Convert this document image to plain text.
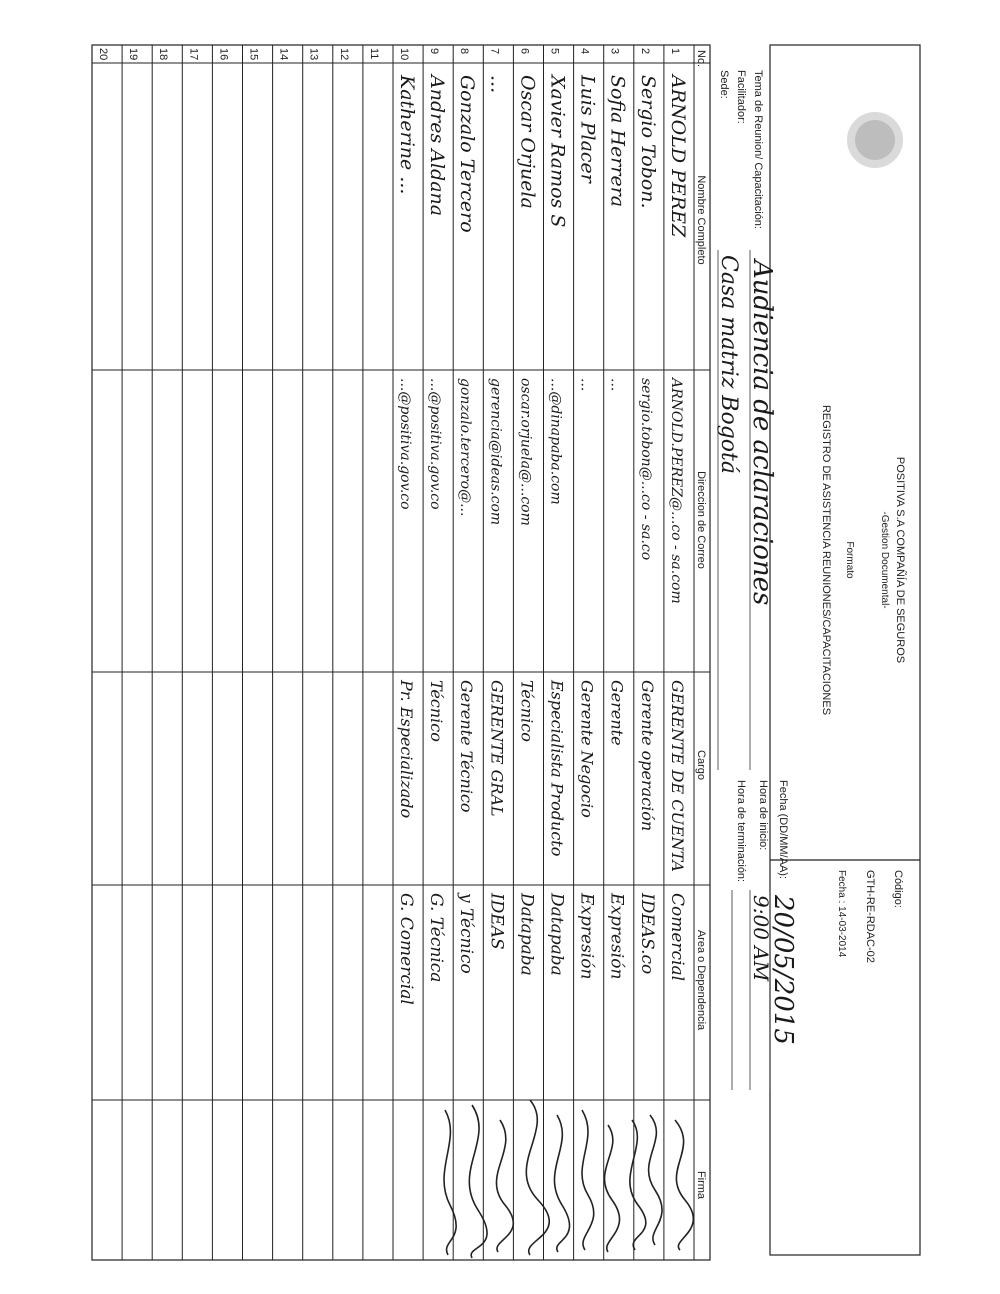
POSITIVA S.A COMPAÑÍA DE SEGUROS
-Gestion Documental-
Formato
REGISTRO DE ASISTENCIA REUNIONES/CAPACITACIONES
Código:
GTH-RE-RDAC-02
Fecha : 14-03-2014
Tema de Reunion/ Capacitación:
Audiencia de aclaraciones
Facilitador:
Sede:
Casa matriz Bogotá
Fecha (DD/MM/AA):
20/05/2015
Hora de inicio:
9:00 AM
Hora de terminación:
No.
Nombre Completo
Direccion de Correo
Cargo
Area o Dependencia
Firma
1
ARNOLD PEREZ
ARNOLD.PEREZ@...co - sa.com
GERENTE DE CUENTA
Comercial
2
Sergio Tobon.
sergio.tobon@...co - sa.co
Gerente operación
IDEAS.co
3
Sofia Herrera
...
Gerente
Expresión
4
Luis Placer
...
Gerente Negocio
Expresión
5
Xavier Ramos S
...@dinapaba.com
Especialista Producto
Datapaba
6
Oscar Orjuela
oscar.orjuela@...com
Técnico
Datapaba
7
...
gerencia@ideas.com
GERENTE GRAL
IDEAS
8
Gonzalo Tercero
gonzalo.tercero@...
Gerente Técnico
y Técnico
9
Andres Aldana
...@positiva.gov.co
Técnico
G. Técnica
10
Katherine ...
...@positiva.gov.co
Pr. Especializado
G. Comercial
11
12
13
14
15
16
17
18
19
20
